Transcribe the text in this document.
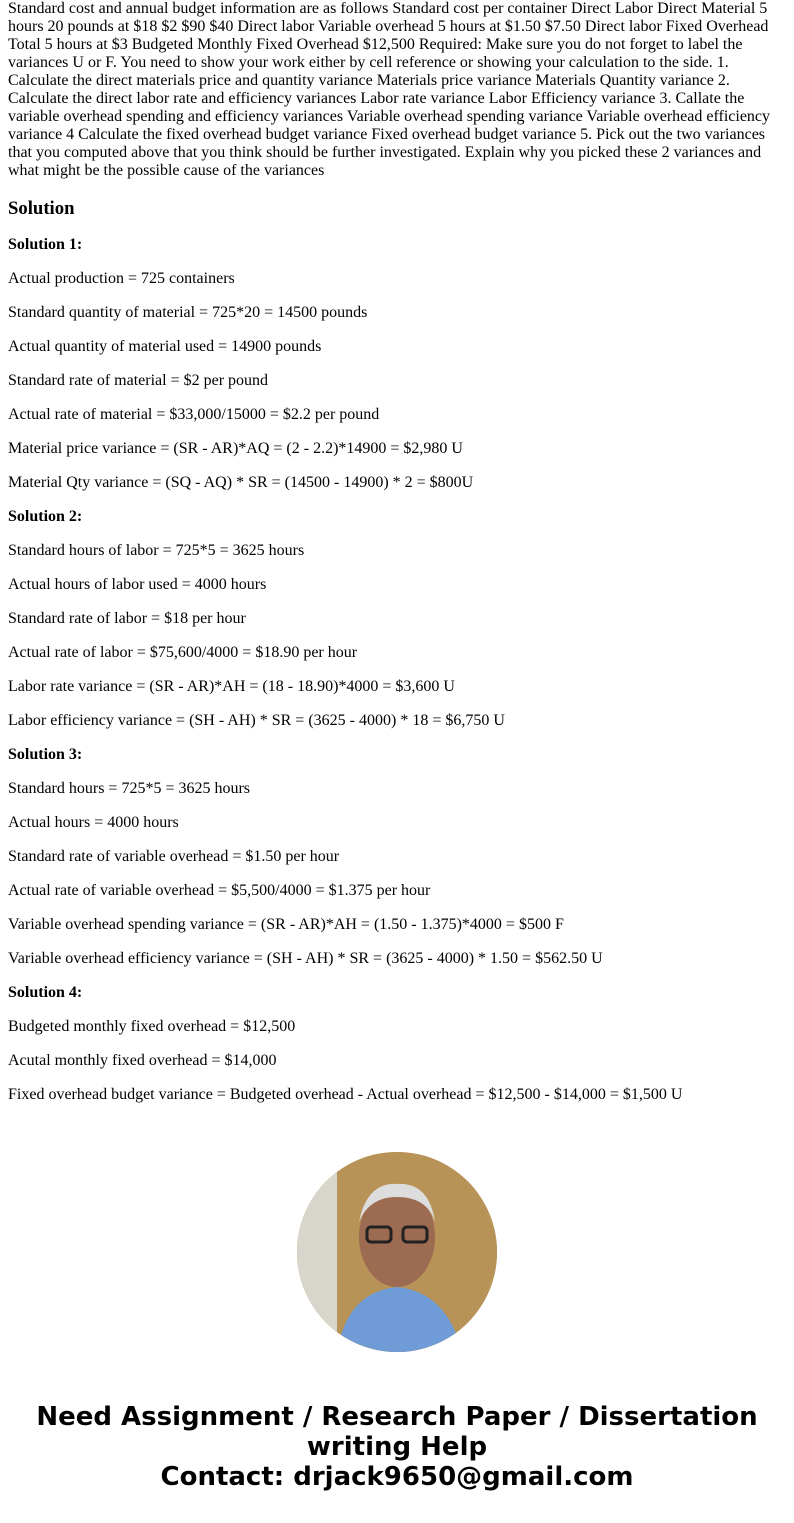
Standard cost and annual budget information are as follows Standard cost per container Direct Labor Direct Material 5 hours 20 pounds at $18 $2 $90 $40 Direct labor Variable overhead 5 hours at $1.50 $7.50 Direct labor Fixed Overhead Total 5 hours at $3 Budgeted Monthly Fixed Overhead $12,500 Required: Make sure you do not forget to label the variances U or F. You need to show your work either by cell reference or showing your calculation to the side. 1. Calculate the direct materials price and quantity variance Materials price variance Materials Quantity variance 2. Calculate the direct labor rate and efficiency variances Labor rate variance Labor Efficiency variance 3. Callate the variable overhead spending and efficiency variances Variable overhead spending variance Variable overhead efficiency variance 4 Calculate the fixed overhead budget variance Fixed overhead budget variance 5. Pick out the two variances that you computed above that you think should be further investigated. Explain why you picked these 2 variances and what might be the possible cause of the variances
Solution

Solution 1:

Actual production = 725 containers

Standard quantity of material = 725*20 = 14500 pounds

Actual quantity of material used = 14900 pounds

Standard rate of material = $2 per pound

Actual rate of material = $33,000/15000 = $2.2 per pound

Material price variance = (SR - AR)*AQ = (2 - 2.2)*14900 = $2,980 U

Material Qty variance = (SQ - AQ) * SR = (14500 - 14900) * 2 = $800U

Solution 2:

Standard hours of labor = 725*5 = 3625 hours

Actual hours of labor used = 4000 hours

Standard rate of labor = $18 per hour

Actual rate of labor = $75,600/4000 = $18.90 per hour

Labor rate variance = (SR - AR)*AH = (18 - 18.90)*4000 = $3,600 U

Labor efficiency variance = (SH - AH) * SR = (3625 - 4000) * 18 = $6,750 U

Solution 3:

Standard hours = 725*5 = 3625 hours

Actual hours = 4000 hours

Standard rate of variable overhead = $1.50 per hour

Actual rate of variable overhead = $5,500/4000 = $1.375 per hour

Variable overhead spending variance = (SR - AR)*AH = (1.50 - 1.375)*4000 = $500 F

Variable overhead efficiency variance = (SH - AH) * SR = (3625 - 4000) * 1.50 = $562.50 U

Solution 4:

Budgeted monthly fixed overhead = $12,500

Acutal monthly fixed overhead = $14,000

Fixed overhead budget variance = Budgeted overhead - Actual overhead = $12,500 - $14,000 = $1,500 U

Need Assignment / Research Paper / Dissertation writing Help
Contact: drjack9650@gmail.com
